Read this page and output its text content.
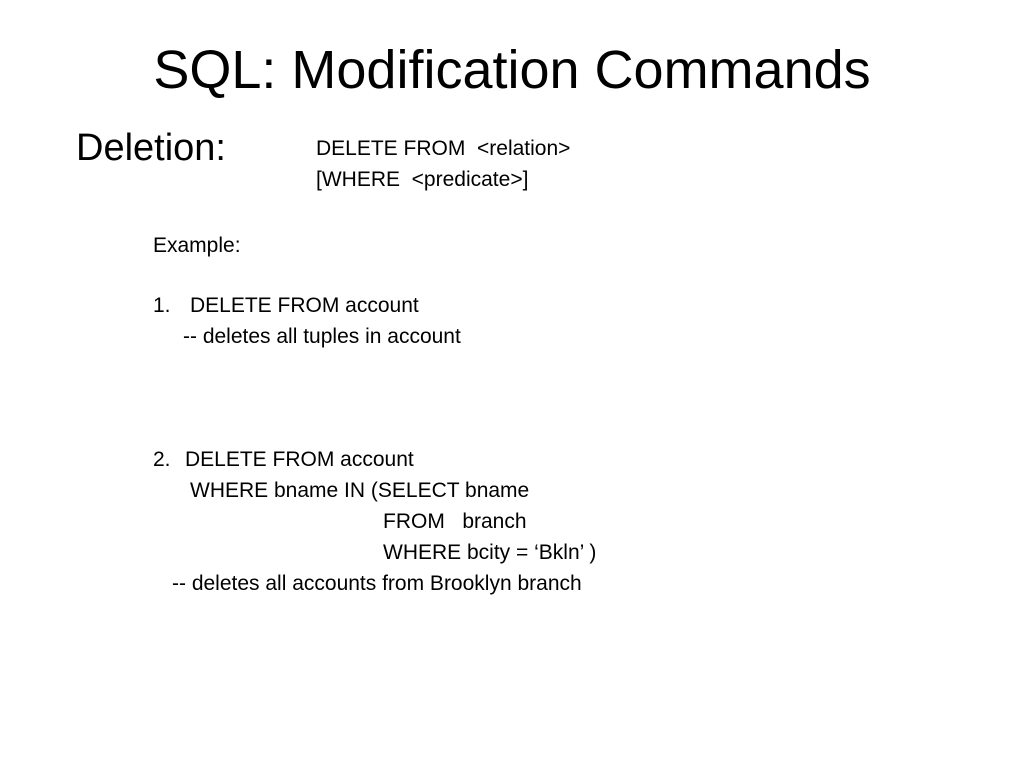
SQL: Modification Commands
Deletion:	DELETE FROM  <relation>
[WHERE  <predicate>]
Example:
1. DELETE FROM account
-- deletes all tuples in account
2. DELETE FROM account
WHERE bname IN (SELECT bname
FROM   branch
WHERE bcity = ‘Bkln’ )
-- deletes all accounts from Brooklyn branch
